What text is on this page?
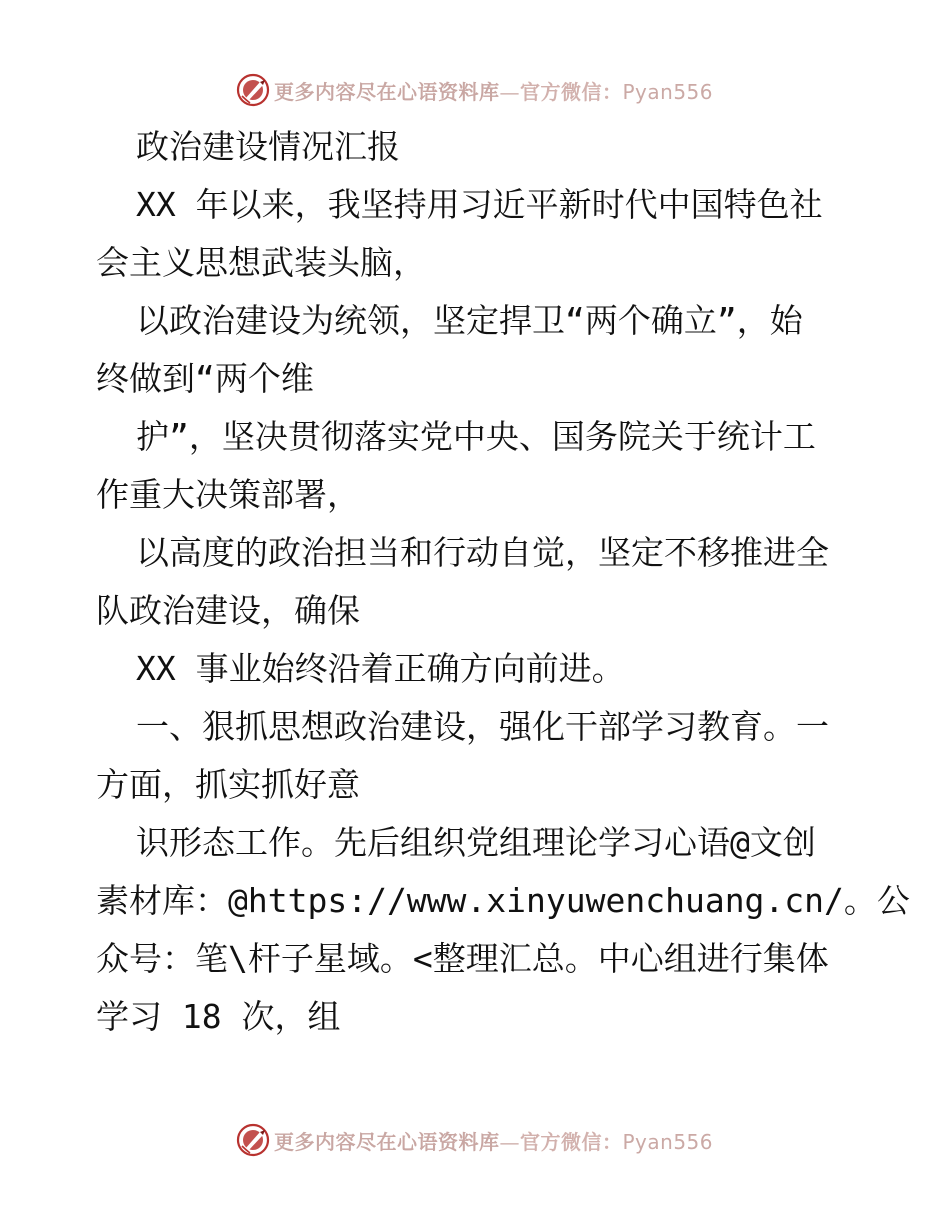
更多内容尽在心语资料库—官方微信：Pyan556
政治建设情况汇报
XX 年以来，我坚持用习近平新时代中国特色社
会主义思想武装头脑，
以政治建设为统领，坚定捍卫“两个确立”，始
终做到“两个维
护”，坚决贯彻落实党中央、国务院关于统计工
作重大决策部署，
以高度的政治担当和行动自觉，坚定不移推进全
队政治建设，确保
XX 事业始终沿着正确方向前进。
一、狠抓思想政治建设，强化干部学习教育。一
方面，抓实抓好意
识形态工作。先后组织党组理论学习心语@文创
素材库：@https://www.xinyuwenchuang.cn/。公
众号：笔\杆子星域。<整理汇总。中心组进行集体
学习 18 次，组
更多内容尽在心语资料库—官方微信：Pyan556
